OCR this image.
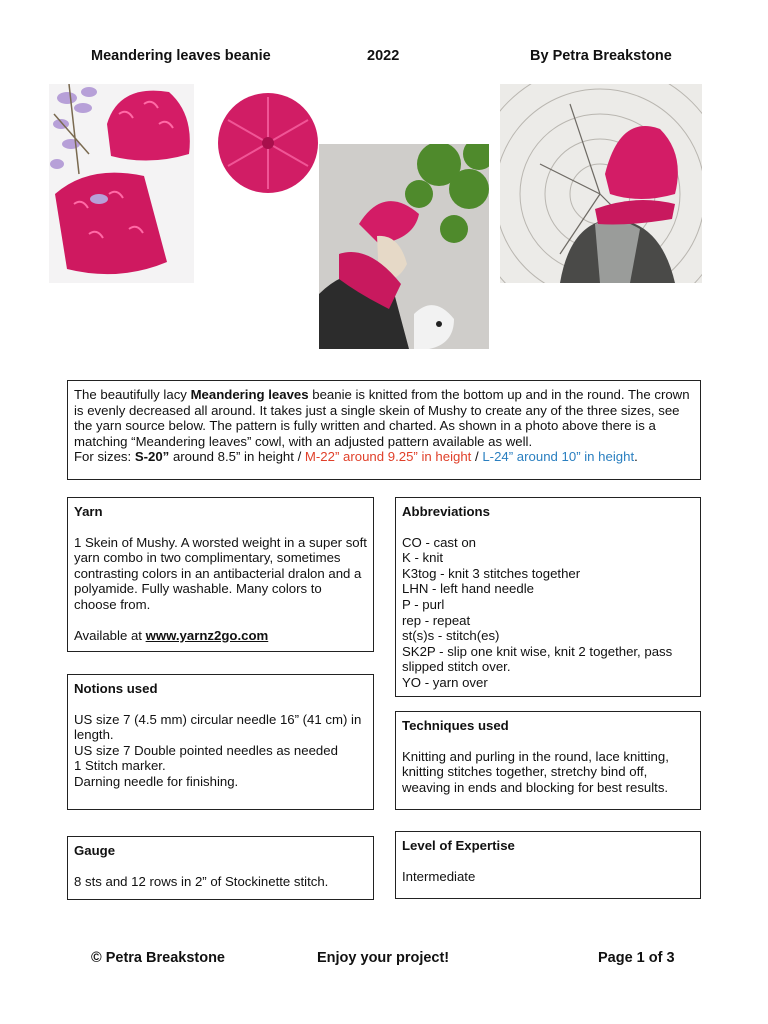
Meandering leaves beanie	2022	By Petra Breakstone

The beautifully lacy Meandering leaves beanie is knitted from the bottom up and in the round. The crown is evenly decreased all around. It takes just a single skein of Mushy to create any of the three sizes, see the yarn source below. The pattern is fully written and charted. As shown in a photo above there is a matching “Meandering leaves” cowl, with an adjusted pattern available as well.

For sizes: S-20” around 8.5” in height / M-22” around 9.25” in height / L-24” around 10” in height.

Yarn

1 Skein of Mushy. A worsted weight in a super soft yarn combo in two complimentary, sometimes contrasting colors in an antibacterial dralon and a polyamide. Fully washable. Many colors to choose from.

Available at www.yarnz2go.com

Notions used

US size 7 (4.5 mm) circular needle 16” (41 cm) in length.

US size 7 Double pointed needles as needed

1 Stitch marker.

Darning needle for finishing.

Gauge

8 sts and 12 rows in 2” of Stockinette stitch.

Abbreviations

CO - cast on

K - knit

K3tog - knit 3 stitches together

LHN - left hand needle

P - purl

rep - repeat

st(s)s - stitch(es)

SK2P - slip one knit wise, knit 2 together, pass slipped stitch over.

YO - yarn over

Techniques used

Knitting and purling in the round, lace knitting, knitting stitches together, stretchy bind off, weaving in ends and blocking for best results.

Level of Expertise

Intermediate

© Petra Breakstone	Enjoy your project!	Page 1 of 3
